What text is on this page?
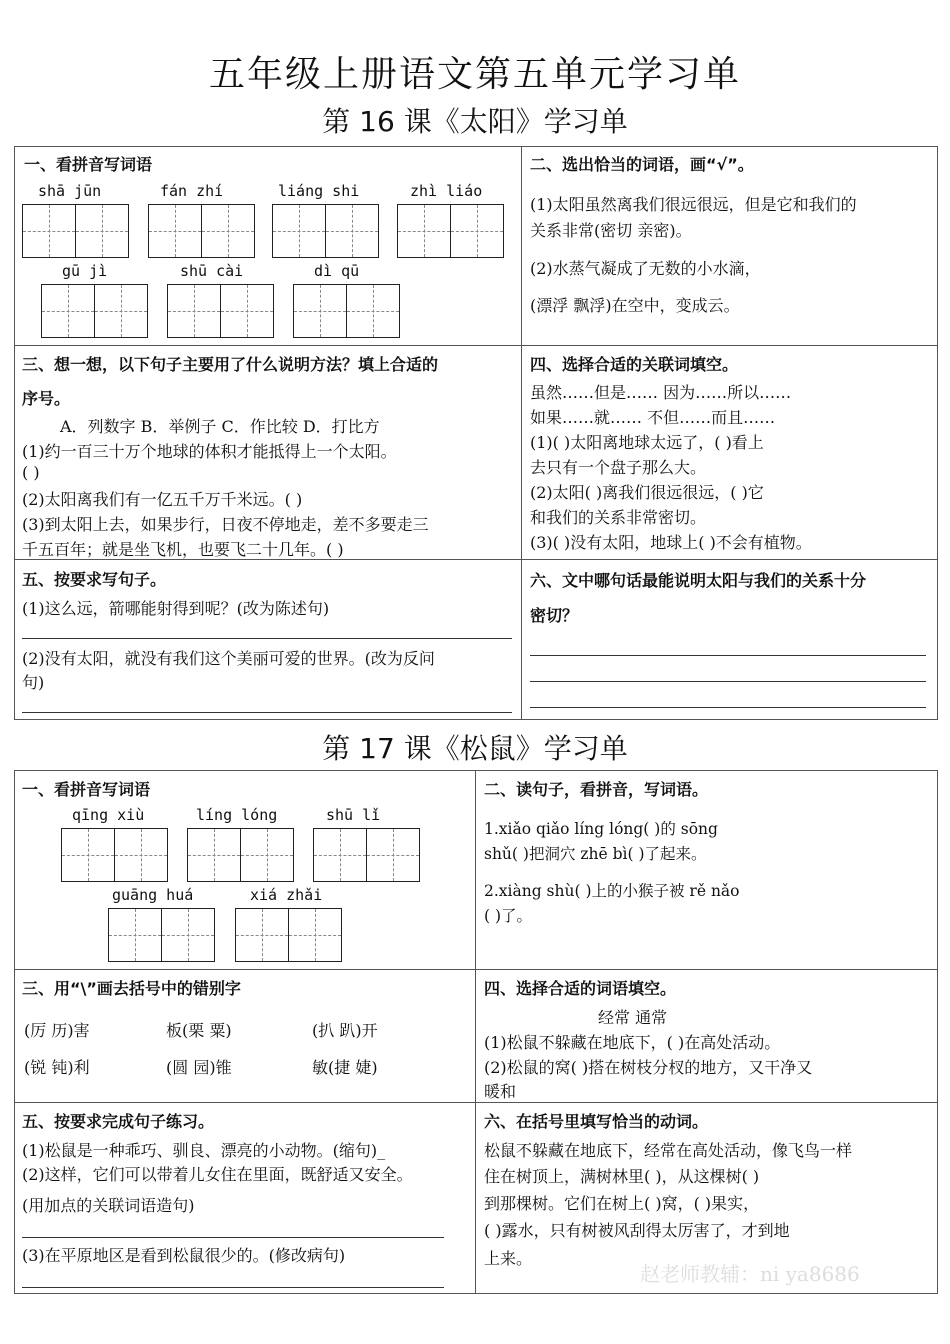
五年级上册语文第五单元学习单
第 16 课《太阳》学习单
一、看拼音写词语
shā jūn	fán zhí	liáng shi	zhì liáo
gū jì	shū cài	dì qū
二、选出恰当的词语，画“√”。
(1)太阳虽然离我们很远很远，但是它和我们的
关系非常(密切 亲密)。
(2)水蒸气凝成了无数的小水滴，
(漂浮 飘浮)在空中，变成云。
三、想一想，以下句子主要用了什么说明方法？填上合适的
序号。
A．列数字 B．举例子 C．作比较 D．打比方
(1)约一百三十万个地球的体积才能抵得上一个太阳。
( )
(2)太阳离我们有一亿五千万千米远。( )
(3)到太阳上去，如果步行，日夜不停地走，差不多要走三
千五百年；就是坐飞机，也要飞二十几年。( )
四、选择合适的关联词填空。
虽然……但是…… 因为……所以……
如果……就…… 不但……而且……
(1)( )太阳离地球太远了，( )看上
去只有一个盘子那么大。
(2)太阳( )离我们很远很远，( )它
和我们的关系非常密切。
(3)( )没有太阳，地球上( )不会有植物。
五、按要求写句子。
(1)这么远，箭哪能射得到呢？(改为陈述句)
(2)没有太阳，就没有我们这个美丽可爱的世界。(改为反问
句)
六、文中哪句话最能说明太阳与我们的关系十分
密切？
第 17 课《松鼠》学习单
一、看拼音写词语
qīng xiù	líng lóng	shū lǐ
guāng huá	xiá zhǎi
二、读句子，看拼音，写词语。
1.xiǎo qiǎo líng lóng( )的 sōng
shǔ( )把洞穴 zhē bì( )了起来。
2.xiàng shù( )上的小猴子被 rě nǎo
( )了。
三、用“\”画去括号中的错别字
(厉 历)害	板(栗 粟)	(扒 趴)开
(锐 钝)利	(圆 园)锥	敏(捷 婕)
四、选择合适的词语填空。
经常 通常
(1)松鼠不躲藏在地底下，( )在高处活动。
(2)松鼠的窝( )搭在树枝分杈的地方，又干净又
暖和
五、按要求完成句子练习。
(1)松鼠是一种乖巧、驯良、漂亮的小动物。(缩句)_
(2)这样，它们可以带着儿女住在里面，既舒适又安全。
(用加点的关联词语造句)
(3)在平原地区是看到松鼠很少的。(修改病句)
六、在括号里填写恰当的动词。
松鼠不躲藏在地底下，经常在高处活动，像飞鸟一样
住在树顶上，满树林里( )，从这棵树( )
到那棵树。它们在树上( )窝，( )果实，
( )露水，只有树被风刮得太厉害了，才到地
上来。
赵老师教辅：ni ya8686
